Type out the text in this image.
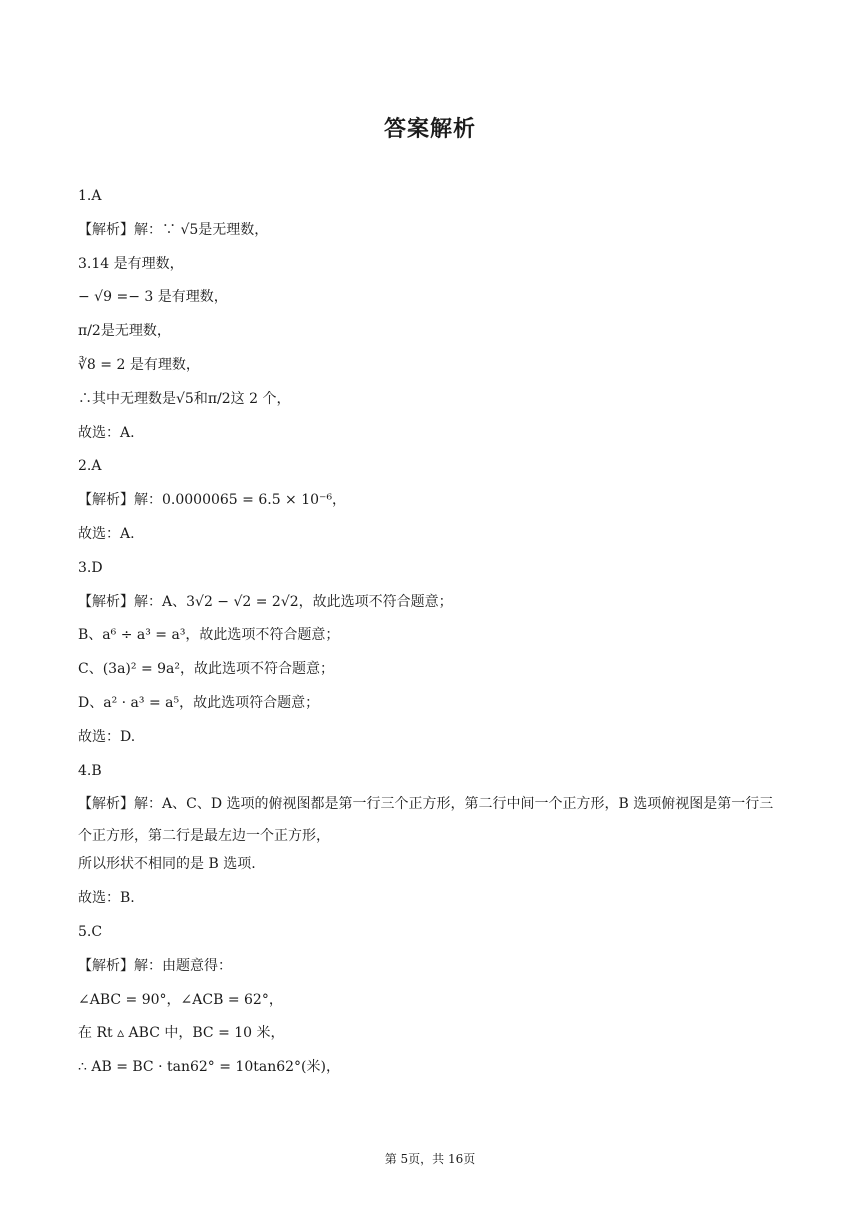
答案解析
1.A
【解析】解：∵ √5是无理数，
3.14 是有理数，
− √9 =− 3 是有理数，
π/2是无理数，
∛8 = 2 是有理数，
∴其中无理数是√5和π/2这 2 个，
故选：A.
2.A
【解析】解：0.0000065 = 6.5 × 10⁻⁶，
故选：A.
3.D
【解析】解：A、3√2 − √2 = 2√2，故此选项不符合题意；
B、a⁶ ÷ a³ = a³，故此选项不符合题意；
C、(3a)² = 9a²，故此选项不符合题意；
D、a² · a³ = a⁵，故此选项符合题意；
故选：D.
4.B
【解析】解：A、C、D 选项的俯视图都是第一行三个正方形，第二行中间一个正方形，B 选项俯视图是第一行三个正方形，第二行是最左边一个正方形，
所以形状不相同的是 B 选项.
故选：B.
5.C
【解析】解：由题意得：
∠ABC = 90°，∠ACB = 62°，
在 Rt ▵ ABC 中，BC = 10 米，
∴ AB = BC · tan62° = 10tan62°(米)，
第 5页，共 16页
